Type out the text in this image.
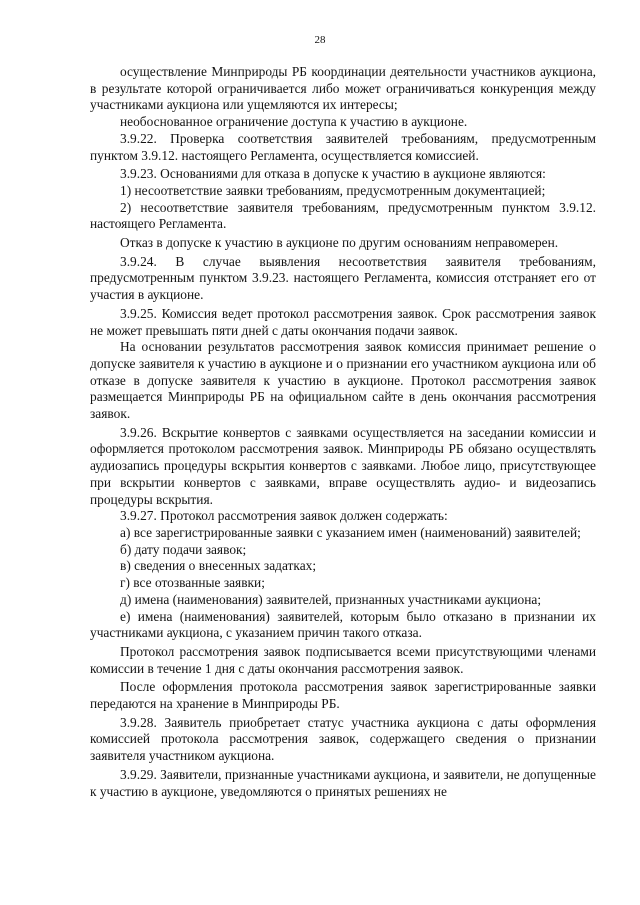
28

осуществление Минприроды РБ координации деятельности участников аукциона, в результате которой ограничивается либо может ограничиваться конкуренция между участниками аукциона или ущемляются их интересы;

необоснованное ограничение доступа к участию в аукционе.

3.9.22. Проверка соответствия заявителей требованиям, предусмотренным пунктом 3.9.12. настоящего Регламента, осуществляется комиссией.

3.9.23. Основаниями для отказа в допуске к участию в аукционе являются:

1) несоответствие заявки требованиям, предусмотренным документацией;

2) несоответствие заявителя требованиям, предусмотренным пунктом 3.9.12. настоящего Регламента.

Отказ в допуске к участию в аукционе по другим основаниям неправомерен.

3.9.24. В случае выявления несоответствия заявителя требованиям, предусмотренным пунктом 3.9.23. настоящего Регламента, комиссия отстраняет его от участия в аукционе.

3.9.25. Комиссия ведет протокол рассмотрения заявок. Срок рассмотрения заявок не может превышать пяти дней с даты окончания подачи заявок.

На основании результатов рассмотрения заявок комиссия принимает решение о допуске заявителя к участию в аукционе и о признании его участником аукциона или об отказе в допуске заявителя к участию в аукционе. Протокол рассмотрения заявок размещается Минприроды РБ на официальном сайте в день окончания рассмотрения заявок.

3.9.26. Вскрытие конвертов с заявками осуществляется на заседании комиссии и оформляется протоколом рассмотрения заявок. Минприроды РБ обязано осуществлять аудиозапись процедуры вскрытия конвертов с заявками. Любое лицо, присутствующее при вскрытии конвертов с заявками, вправе осуществлять аудио- и видеозапись процедуры вскрытия.

3.9.27. Протокол рассмотрения заявок должен содержать:

а) все зарегистрированные заявки с указанием имен (наименований) заявителей;

б) дату подачи заявок;

в) сведения о внесенных задатках;

г) все отозванные заявки;

д) имена (наименования) заявителей, признанных участниками аукциона;

е) имена (наименования) заявителей, которым было отказано в признании их участниками аукциона, с указанием причин такого отказа.

Протокол рассмотрения заявок подписывается всеми присутствующими членами комиссии в течение 1 дня с даты окончания рассмотрения заявок.

После оформления протокола рассмотрения заявок зарегистрированные заявки передаются на хранение в Минприроды РБ.

3.9.28. Заявитель приобретает статус участника аукциона с даты оформления комиссией протокола рассмотрения заявок, содержащего сведения о признании заявителя участником аукциона.

3.9.29. Заявители, признанные участниками аукциона, и заявители, не допущенные к участию в аукционе, уведомляются о принятых решениях не
